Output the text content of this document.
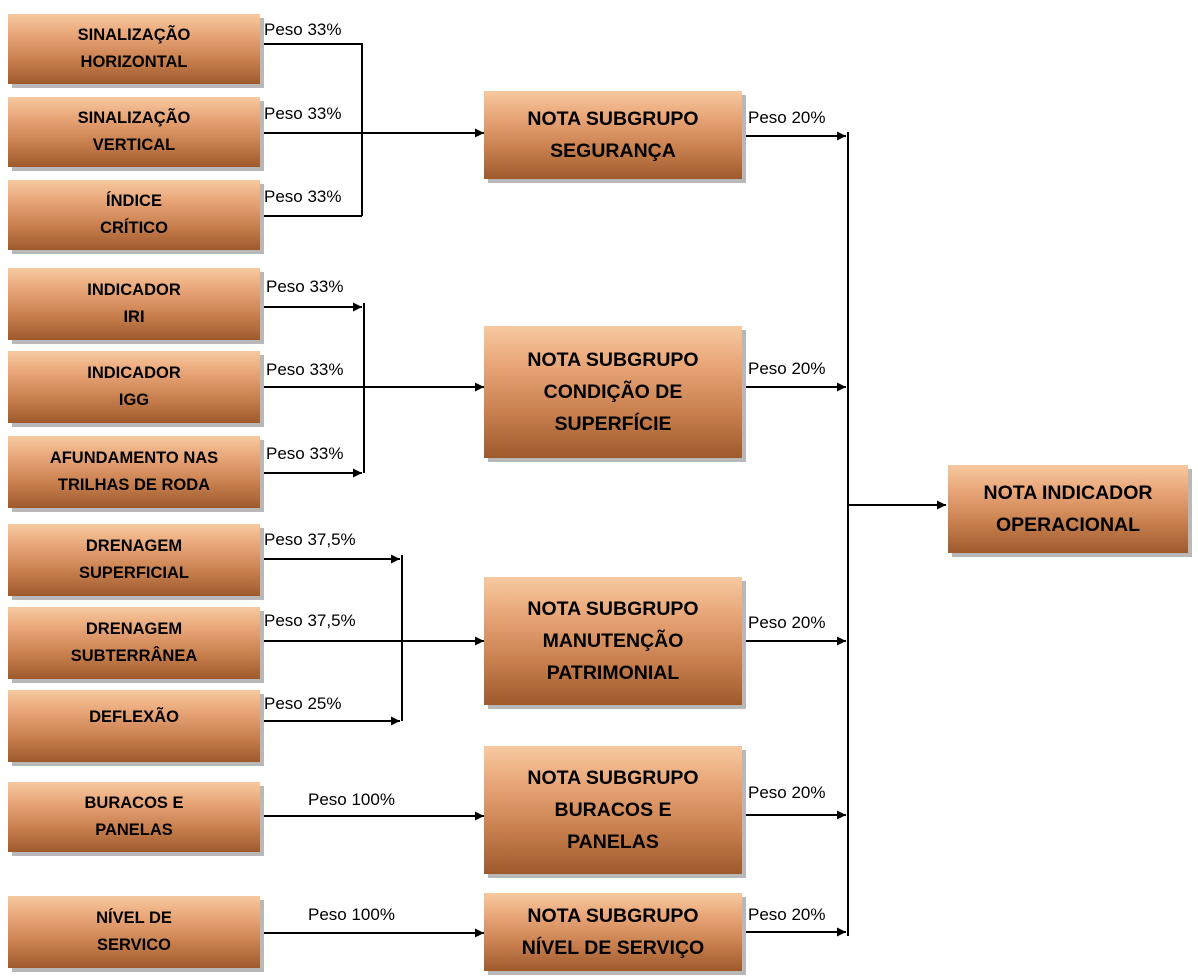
SINALIZAÇÃO
HORIZONTAL
SINALIZAÇÃO
VERTICAL
ÍNDICE
CRÍTICO
INDICADOR
IRI
INDICADOR
IGG
AFUNDAMENTO NAS
TRILHAS DE RODA
DRENAGEM
SUPERFICIAL
DRENAGEM
SUBTERRÂNEA
DEFLEXÃO
BURACOS E
PANELAS
NÍVEL DE
SERVICO
NOTA SUBGRUPO
SEGURANÇA
NOTA SUBGRUPO
CONDIÇÃO DE
SUPERFÍCIE
NOTA SUBGRUPO
MANUTENÇÃO
PATRIMONIAL
NOTA SUBGRUPO
BURACOS E
PANELAS
NOTA SUBGRUPO
NÍVEL DE SERVIÇO
NOTA INDICADOR
OPERACIONAL
Peso 33%
Peso 33%
Peso 33%
Peso 33%
Peso 33%
Peso 33%
Peso 37,5%
Peso 37,5%
Peso 25%
Peso 100%
Peso 100%
Peso 20%
Peso 20%
Peso 20%
Peso 20%
Peso 20%
